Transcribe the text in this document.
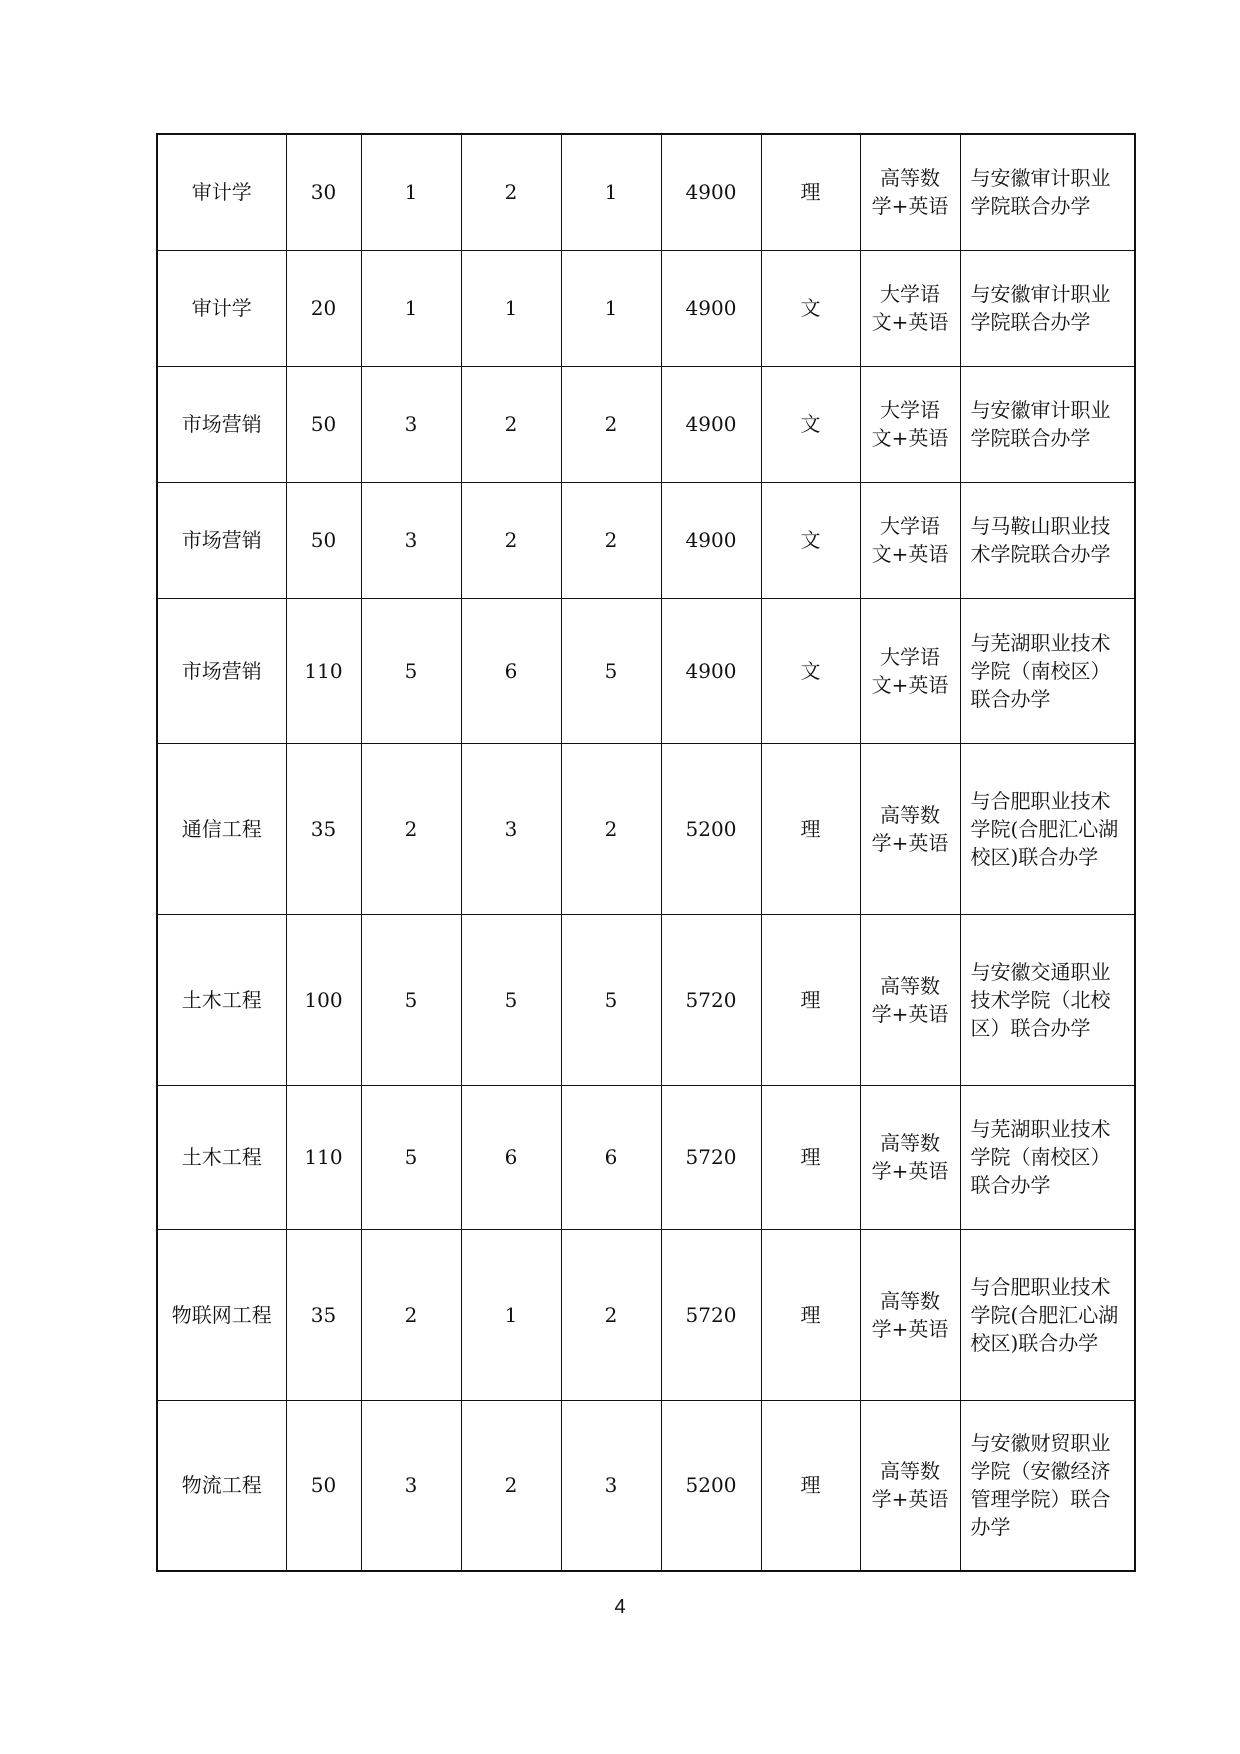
审计学	30	1	2	1	4900	理	高等数学+英语	与安徽审计职业学院联合办学
审计学	20	1	1	1	4900	文	大学语文+英语	与安徽审计职业学院联合办学
市场营销	50	3	2	2	4900	文	大学语文+英语	与安徽审计职业学院联合办学
市场营销	50	3	2	2	4900	文	大学语文+英语	与马鞍山职业技术学院联合办学
市场营销	110	5	6	5	4900	文	大学语文+英语	与芜湖职业技术学院（南校区）联合办学
通信工程	35	2	3	2	5200	理	高等数学+英语	与合肥职业技术学院(合肥汇心湖校区)联合办学
土木工程	100	5	5	5	5720	理	高等数学+英语	与安徽交通职业技术学院（北校区）联合办学
土木工程	110	5	6	6	5720	理	高等数学+英语	与芜湖职业技术学院（南校区）联合办学
物联网工程	35	2	1	2	5720	理	高等数学+英语	与合肥职业技术学院(合肥汇心湖校区)联合办学
物流工程	50	3	2	3	5200	理	高等数学+英语	与安徽财贸职业学院（安徽经济管理学院）联合办学
4
